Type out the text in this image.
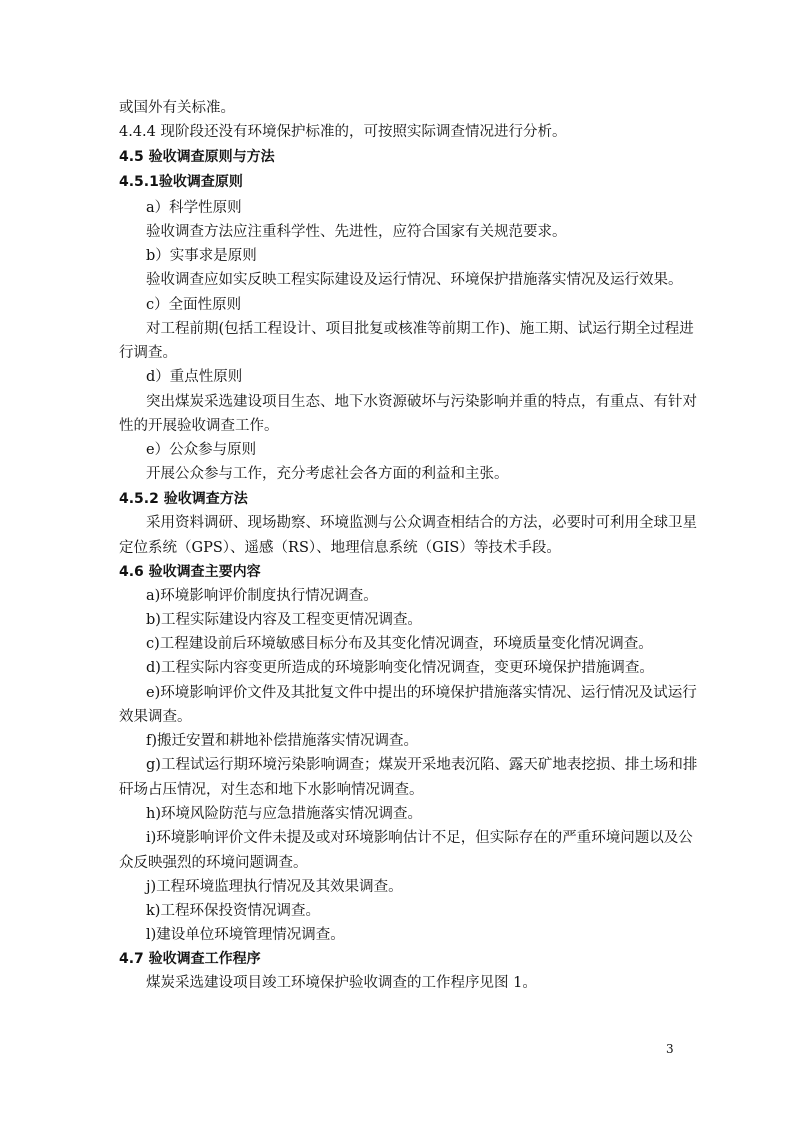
或国外有关标准。
4.4.4 现阶段还没有环境保护标准的，可按照实际调查情况进行分析。
4.5 验收调查原则与方法
4.5.1验收调查原则
a）科学性原则
验收调查方法应注重科学性、先进性，应符合国家有关规范要求。
b）实事求是原则
验收调查应如实反映工程实际建设及运行情况、环境保护措施落实情况及运行效果。
c）全面性原则
对工程前期(包括工程设计、项目批复或核准等前期工作)、施工期、试运行期全过程进
行调查。
d）重点性原则
突出煤炭采选建设项目生态、地下水资源破坏与污染影响并重的特点，有重点、有针对
性的开展验收调查工作。
e）公众参与原则
开展公众参与工作，充分考虑社会各方面的利益和主张。
4.5.2 验收调查方法
采用资料调研、现场勘察、环境监测与公众调查相结合的方法，必要时可利用全球卫星
定位系统（GPS）、遥感（RS）、地理信息系统（GIS）等技术手段。
4.6 验收调查主要内容
a)环境影响评价制度执行情况调查。
b)工程实际建设内容及工程变更情况调查。
c)工程建设前后环境敏感目标分布及其变化情况调查，环境质量变化情况调查。
d)工程实际内容变更所造成的环境影响变化情况调查，变更环境保护措施调查。
e)环境影响评价文件及其批复文件中提出的环境保护措施落实情况、运行情况及试运行
效果调查。
f)搬迁安置和耕地补偿措施落实情况调查。
g)工程试运行期环境污染影响调查；煤炭开采地表沉陷、露天矿地表挖损、排土场和排
矸场占压情况，对生态和地下水影响情况调查。
h)环境风险防范与应急措施落实情况调查。
i)环境影响评价文件未提及或对环境影响估计不足，但实际存在的严重环境问题以及公
众反映强烈的环境问题调查。
j)工程环境监理执行情况及其效果调查。
k)工程环保投资情况调查。
l)建设单位环境管理情况调查。
4.7 验收调查工作程序
煤炭采选建设项目竣工环境保护验收调查的工作程序见图 1。
3
